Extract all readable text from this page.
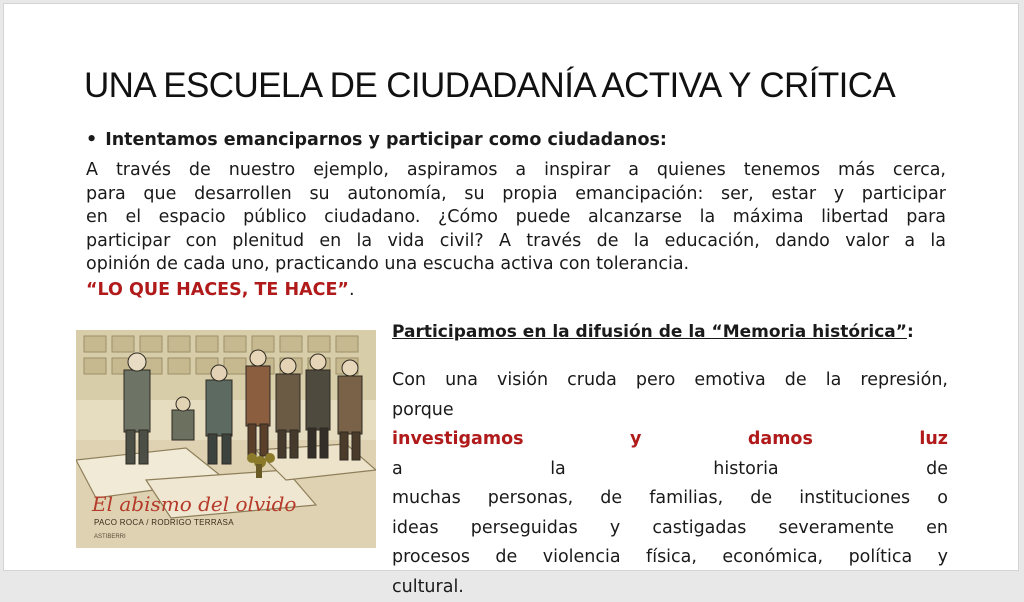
UNA ESCUELA DE CIUDADANÍA ACTIVA Y CRÍTICA
• Intentamos emanciparnos y participar como ciudadanos:
A través de nuestro ejemplo, aspiramos a inspirar a quienes tenemos más cerca,
para que desarrollen su autonomía, su propia emancipación: ser, estar y participar
en el espacio público ciudadano. ¿Cómo puede alcanzarse la máxima libertad para
participar con plenitud en la vida civil? A través de la educación, dando valor a la
opinión de cada uno, practicando una escucha activa con tolerancia.
“LO QUE HACES, TE HACE”.
El abismo del olvido
PACO ROCA / RODRIGO TERRASA
ASTIBERRI
Participamos en la difusión de la “Memoria histórica”:
Con una visión cruda pero emotiva de la represión,
porque
investigamos y damos luz
a la historia de
muchas personas, de familias, de instituciones o
ideas perseguidas y castigadas severamente en
procesos de violencia física, económica, política y
cultural.
